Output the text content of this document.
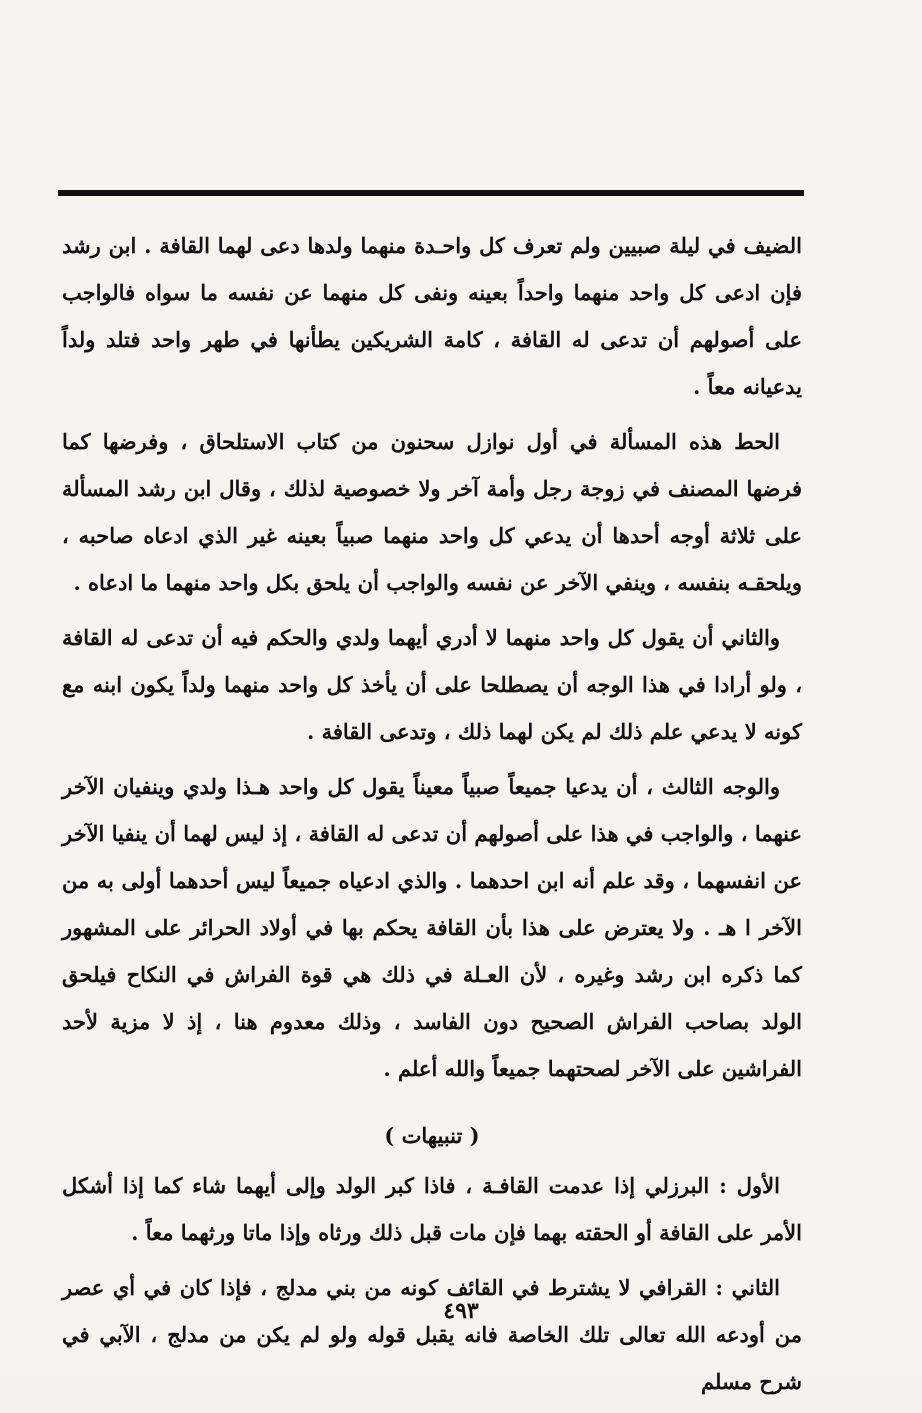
الضيف في ليلة صبيين ولم تعرف كل واحـدة منهما ولدها دعى لهما القافة . ابن رشد فإن ادعى كل واحد منهما واحداً بعينه ونفى كل منهما عن نفسه ما سواه فالواجب على أصولهم أن تدعى له القافة ، كامة الشريكين يطأنها في طهر واحد فتلد ولداً يدعيانه معاً .

الحط هذه المسألة في أول نوازل سحنون من كتاب الاستلحاق ، وفرضها كما فرضها المصنف في زوجة رجل وأمة آخر ولا خصوصية لذلك ، وقال ابن رشد المسألة على ثلاثة أوجه أحدها أن يدعي كل واحد منهما صبياً بعينه غير الذي ادعاه صاحبه ، ويلحقـه بنفسه ، وينفي الآخر عن نفسه والواجب أن يلحق بكل واحد منهما ما ادعاه .

والثاني أن يقول كل واحد منهما لا أدري أيهما ولدي والحكم فيه أن تدعى له القافة ، ولو أرادا في هذا الوجه أن يصطلحا على أن يأخذ كل واحد منهما ولداً يكون ابنه مع كونه لا يدعي علم ذلك لم يكن لهما ذلك ، وتدعى القافة .

والوجه الثالث ، أن يدعيا جميعاً صبياً معيناً يقول كل واحد هـذا ولدي وينفيان الآخر عنهما ، والواجب في هذا على أصولهم أن تدعى له القافة ، إذ ليس لهما أن ينفيا الآخر عن انفسهما ، وقد علم أنه ابن احدهما . والذي ادعياه جميعاً ليس أحدهما أولى به من الآخر ا هـ . ولا يعترض على هذا بأن القافة يحكم بها في أولاد الحرائر على المشهور كما ذكره ابن رشد وغيره ، لأن العـلة في ذلك هي قوة الفراش في النكاح فيلحق الولد بصاحب الفراش الصحيح دون الفاسد ، وذلك معدوم هنا ، إذ لا مزية لأحد الفراشين على الآخر لصحتهما جميعاً والله أعلم .

( تنبيهات )

الأول : البرزلي إذا عدمت القافـة ، فاذا كبر الولد وإلى أيهما شاء كما إذا أشكل الأمر على القافة أو الحقته بهما فإن مات قبل ذلك ورثاه وإذا ماتا ورثهما معاً .

الثاني : القرافي لا يشترط في القائف كونه من بني مدلج ، فإذا كان في أي عصر من أودعه الله تعالى تلك الخاصة فانه يقبل قوله ولو لم يكن من مدلج ، الآبي في شرح مسلم

٤٩٣
